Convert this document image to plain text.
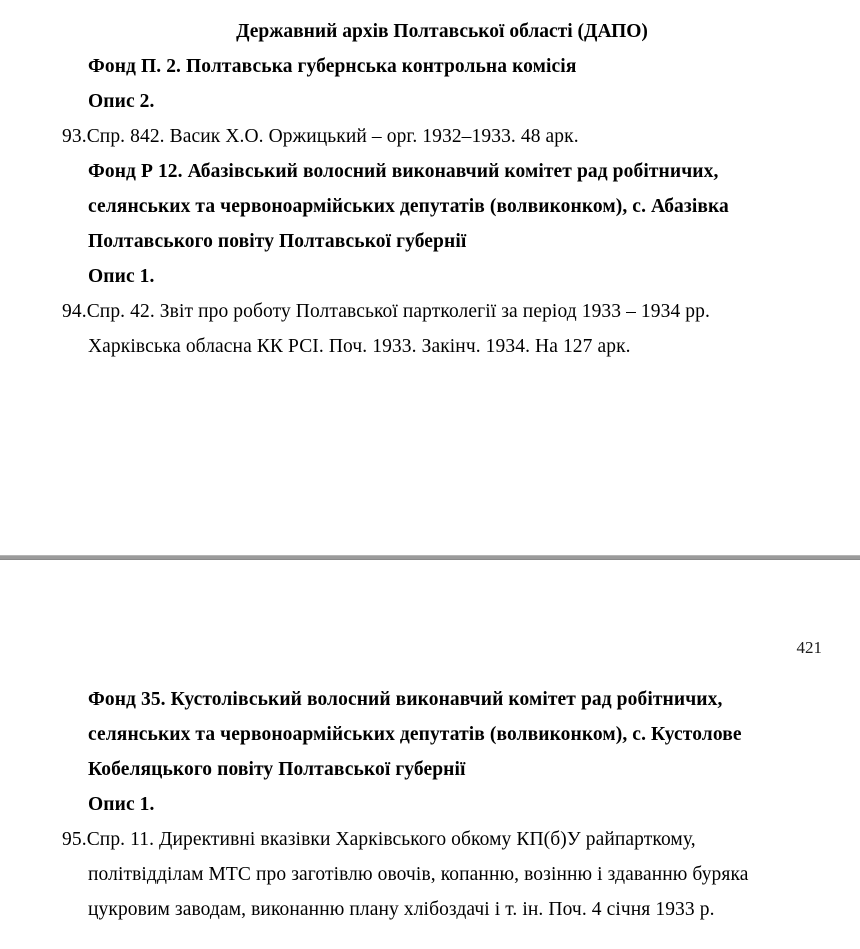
Державний архів Полтавської області (ДАПО)
Фонд П. 2. Полтавська губернська контрольна комісія
Опис 2.
93.Спр. 842. Васик Х.О. Оржицький – орг. 1932–1933. 48 арк.
Фонд Р 12. Абазівський волосний виконавчий комітет рад робітничих,
селянських та червоноармійських депутатів (волвиконком), с. Абазівка
Полтавського повіту Полтавської губернії
Опис 1.
94.Спр. 42. Звіт про роботу Полтавської партколегії за період 1933 – 1934 рр.
Харківська обласна КК РСІ. Поч. 1933. Закінч. 1934. На 127 арк.
421
Фонд 35. Кустолівський волосний виконавчий комітет рад робітничих,
селянських та червоноармійських депутатів (волвиконком), с. Кустолове
Кобеляцького повіту Полтавської губернії
Опис 1.
95.Спр. 11. Директивні вказівки Харківського обкому КП(б)У райпарткому,
політвідділам МТС про заготівлю овочів, копанню, возінню і здаванню буряка
цукровим заводам, виконанню плану хлібоздачі і т. ін. Поч. 4 січня 1933 р.
